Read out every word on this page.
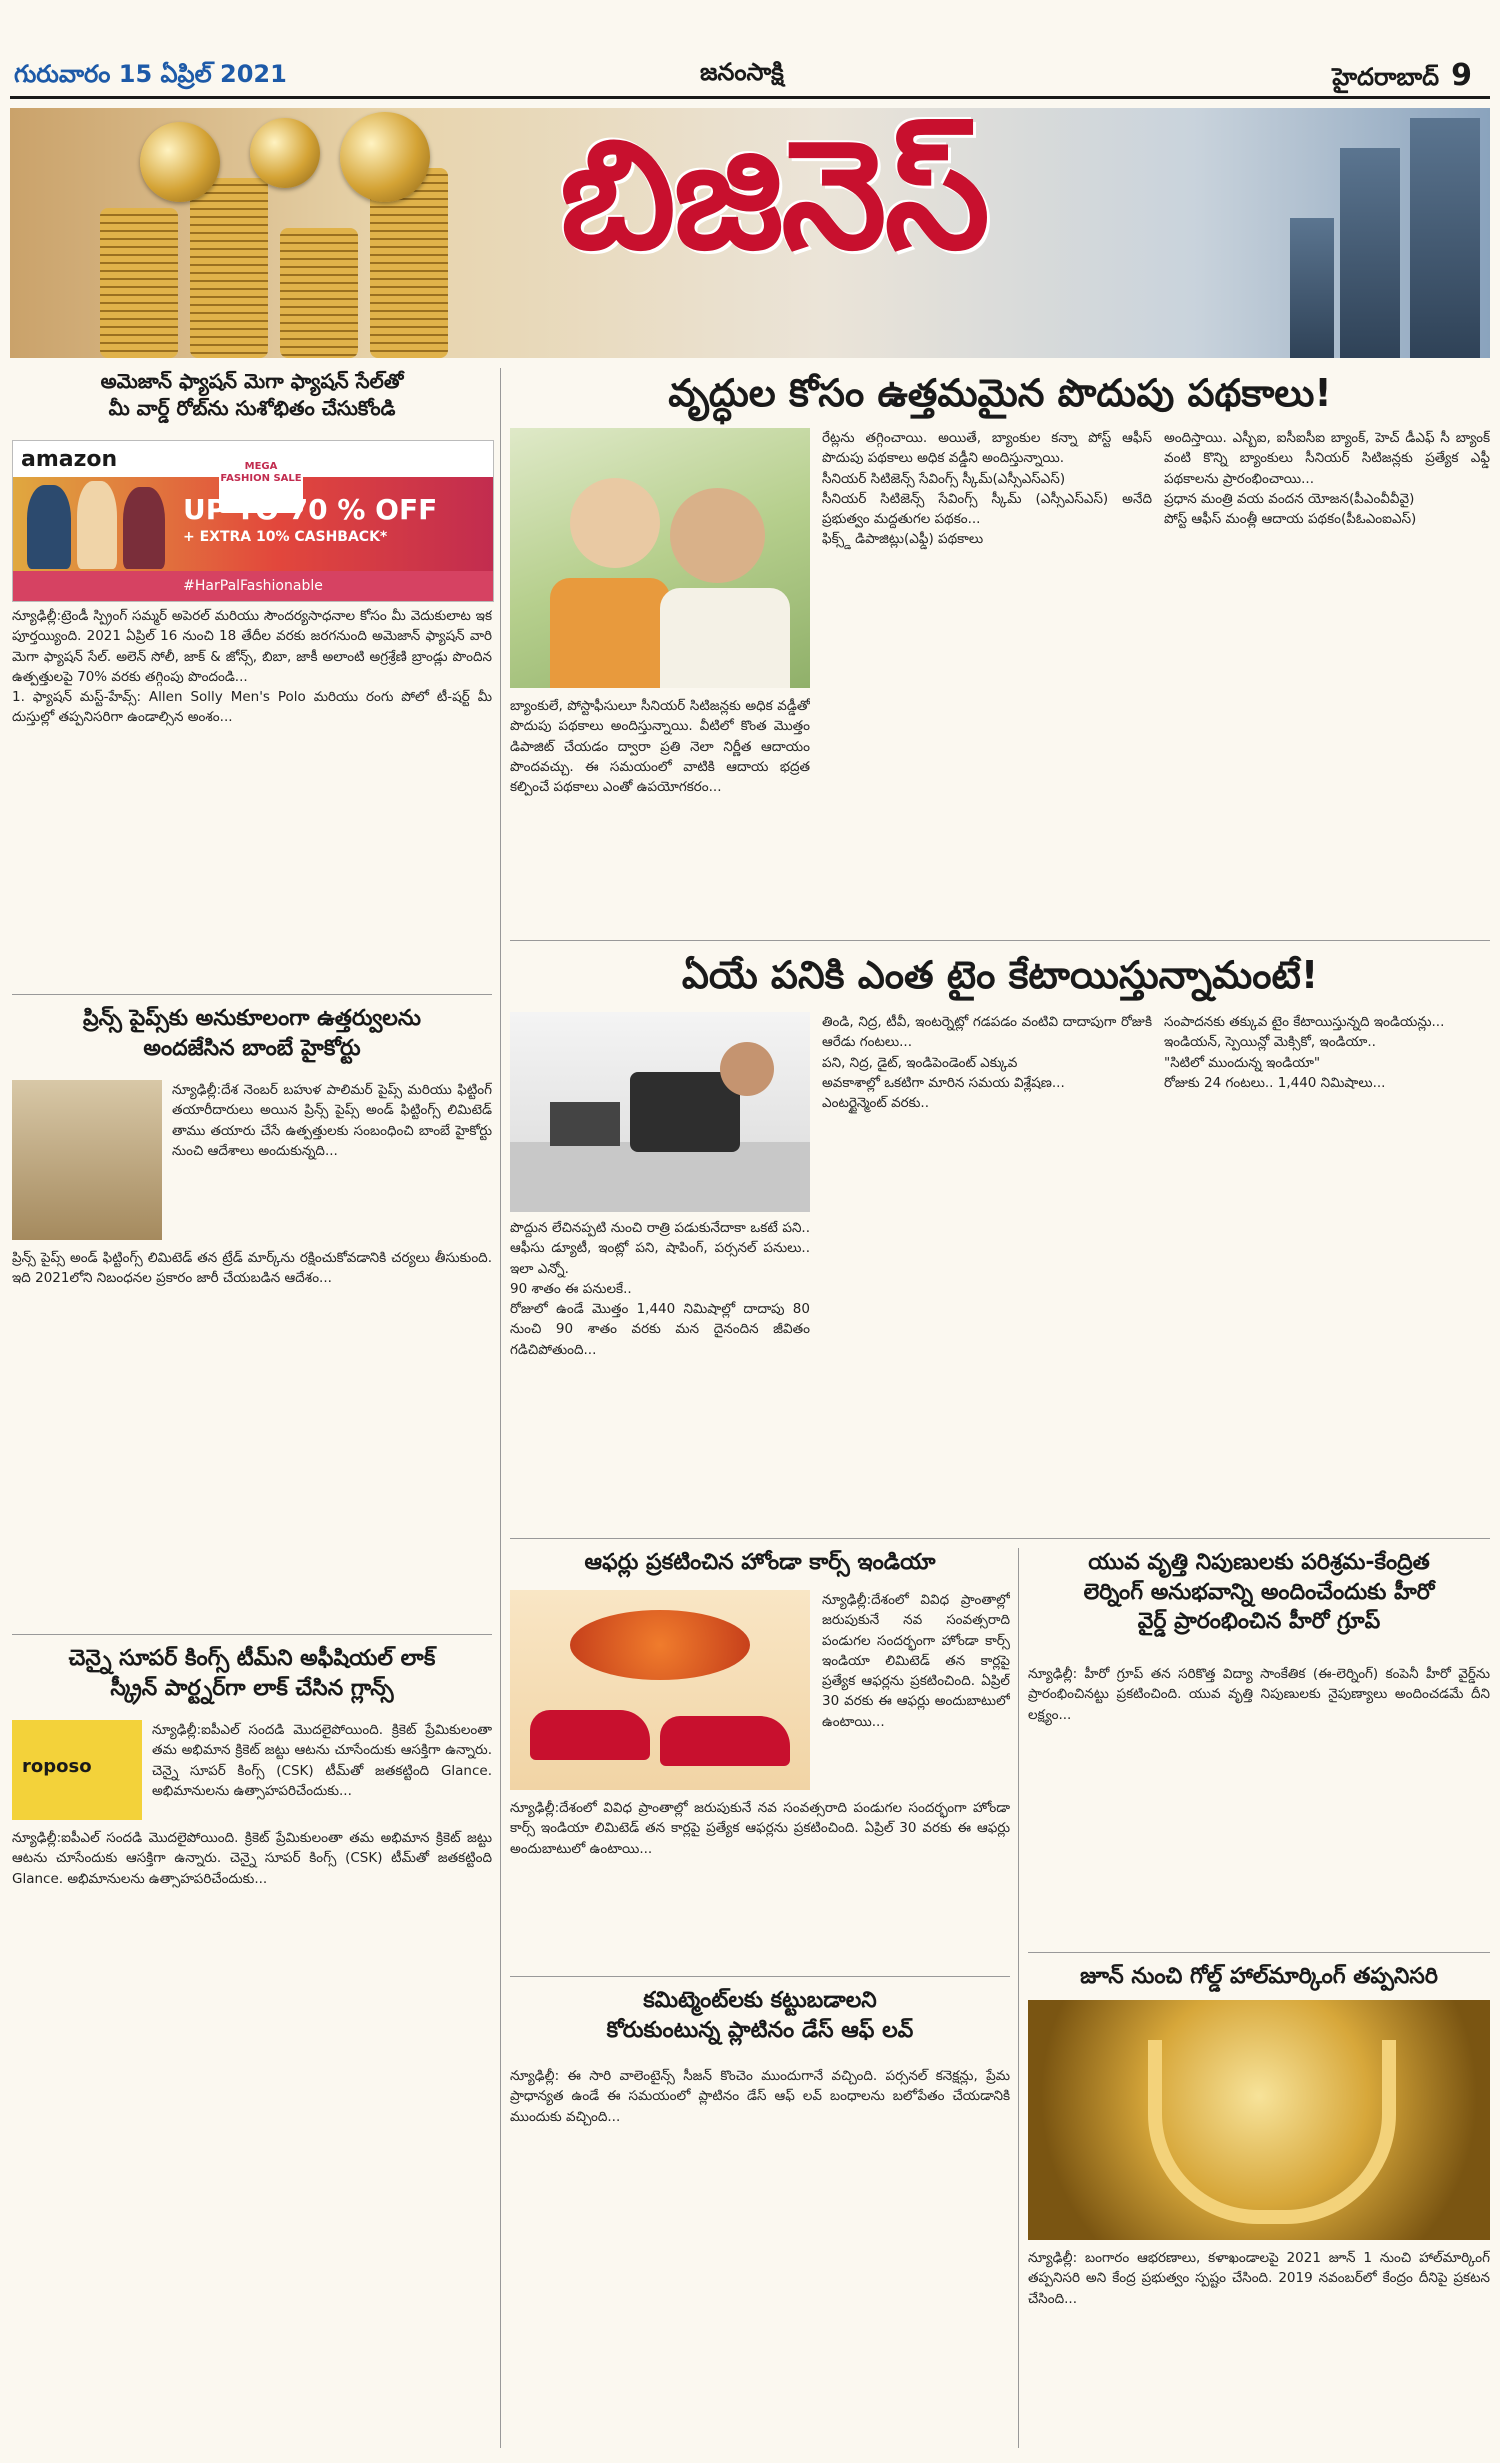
గురువారం 15 ఏప్రిల్ 2021	జనంసాక్షి	హైదరాబాద్ 9
బిజినెస్
అమెజాన్ ఫ్యాషన్ మెగా ఫ్యాషన్ సేల్‌తో
మీ వార్డ్ రోబ్‌ను సుశోభితం చేసుకోండి
amazon	MEGA FASHION SALE
UP TO 70 % OFF
+ EXTRA 10% CASHBACK*
#HarPalFashionable
న్యూఢిల్లీ:ట్రెండీ స్ప్రింగ్ సమ్మర్ అపెరల్ మరియు సౌందర్యసాధనాల కోసం మీ వెదుకులాట ఇక పూర్తయ్యింది. 2021 ఏప్రిల్ 16 నుంచి 18 తేదీల వరకు జరగనుంది అమెజాన్ ఫ్యాషన్ వారి మెగా ఫ్యాషన్ సేల్. అలెన్ సోలీ, జాక్ & జోన్స్, బిబా, జాకీ అలాంటి అగ్రశ్రేణి బ్రాండ్లు పొందిన ఉత్పత్తులపై 70% వరకు తగ్గింపు పొందండి...
1. ఫ్యాషన్ మస్ట్-హేవ్స్: Allen Solly Men's Polo మరియు రంగు పోలో టీ-షర్ట్ మీ దుస్తుల్లో తప్పనిసరిగా ఉండాల్సిన అంశం...
ప్రిన్స్ పైప్స్‌కు అనుకూలంగా ఉత్తర్వులను
అందజేసిన బాంబే హైకోర్టు
న్యూఢిల్లీ:దేశ నెంబర్ బహుళ పాలిమర్ పైప్స్ మరియు ఫిట్టింగ్ తయారీదారులు అయిన ప్రిన్స్ పైప్స్ అండ్ ఫిట్టింగ్స్ లిమిటెడ్ తాము తయారు చేసే ఉత్పత్తులకు సంబంధించి బాంబే హైకోర్టు నుంచి ఆదేశాలు అందుకున్నది...
ప్రిన్స్ పైప్స్ అండ్ ఫిట్టింగ్స్ లిమిటెడ్ తన ట్రేడ్ మార్క్‌ను రక్షించుకోవడానికి చర్యలు తీసుకుంది. ఇది 2021లోని నిబంధనల ప్రకారం జారీ చేయబడిన ఆదేశం...
చెన్నై సూపర్ కింగ్స్ టీమ్‌ని అఫీషియల్ లాక్
స్క్రీన్ పార్ట్నర్‌గా లాక్ చేసిన గ్లాన్స్
roposo
న్యూఢిల్లీ:ఐపీఎల్ సందడి మొదలైపోయింది. క్రికెట్ ప్రేమికులంతా తమ అభిమాన క్రికెట్ జట్టు ఆటను చూసేందుకు ఆసక్తిగా ఉన్నారు. చెన్నై సూపర్ కింగ్స్ (CSK) టీమ్‌తో జతకట్టింది Glance. అభిమానులను ఉత్సాహపరిచేందుకు...
న్యూఢిల్లీ:ఐపీఎల్ సందడి మొదలైపోయింది. క్రికెట్ ప్రేమికులంతా తమ అభిమాన క్రికెట్ జట్టు ఆటను చూసేందుకు ఆసక్తిగా ఉన్నారు. చెన్నై సూపర్ కింగ్స్ (CSK) టీమ్‌తో జతకట్టింది Glance. అభిమానులను ఉత్సాహపరిచేందుకు...
వృద్ధుల కోసం ఉత్తమమైన పొదుపు పథకాలు!
బ్యాంకులే, పోస్టాఫీసులూ సీనియర్ సిటిజన్లకు అధిక వడ్డీతో పొదుపు పథకాలు అందిస్తున్నాయి. వీటిలో కొంత మొత్తం డిపాజిట్ చేయడం ద్వారా ప్రతి నెలా నిర్ణీత ఆదాయం పొందవచ్చు. ఈ సమయంలో వాటికి ఆదాయ భద్రత కల్పించే పథకాలు ఎంతో ఉపయోగకరం...
రేట్లను తగ్గించాయి. అయితే, బ్యాంకుల కన్నా పోస్ట్ ఆఫీస్ పొదుపు పథకాలు అధిక వడ్డీని అందిస్తున్నాయి.
సీనియర్ సిటిజెన్స్ సేవింగ్స్ స్కీమ్(ఎస్సీఎస్ఎస్)
సీనియర్ సిటిజెన్స్ సేవింగ్స్ స్కీమ్ (ఎస్సీఎస్ఎస్) అనేది ప్రభుత్వం మద్దతుగల పథకం...
ఫిక్స్డ్ డిపాజిట్లు(ఎఫ్డీ) పథకాలు
అందిస్తాయి. ఎస్బీఐ, ఐసీఐసీఐ బ్యాంక్, హెచ్ డీఎఫ్ సీ బ్యాంక్ వంటి కొన్ని బ్యాంకులు సీనియర్ సిటిజన్లకు ప్రత్యేక ఎఫ్డీ పథకాలను ప్రారంభించాయి...
ప్రధాన మంత్రి వయ వందన యోజన(పీఎంవీవీవై)
పోస్ట్ ఆఫీస్ మంత్లీ ఆదాయ పథకం(పీఓఎంఐఎస్)
ఏయే పనికి ఎంత టైం కేటాయిస్తున్నామంటే!
పొద్దున లేచినప్పటి నుంచి రాత్రి పడుకునేదాకా ఒకటే పని.. ఆఫీసు డ్యూటీ, ఇంట్లో పని, షాపింగ్, పర్సనల్ పనులు.. ఇలా ఎన్నో.
90 శాతం ఈ పనులకే..
రోజులో ఉండే మొత్తం 1,440 నిమిషాల్లో దాదాపు 80 నుంచి 90 శాతం వరకు మన దైనందిన జీవితం గడిచిపోతుంది...
తిండి, నిద్ర, టీవీ, ఇంటర్నెట్లో గడపడం వంటివి దాదాపుగా రోజుకి ఆరేడు గంటలు...
పని, నిద్ర, డైట్, ఇండిపెండెంట్ ఎక్కువ
అవకాశాల్లో ఒకటిగా మారిన సమయ విశ్లేషణ...
ఎంటర్టైన్మెంట్ వరకు..
సంపాదనకు తక్కువ టైం కేటాయిస్తున్నది ఇండియన్లు...
ఇండియన్, స్పెయిన్లో మెక్సికో, ఇండియా..
"సిటిలో ముందున్న ఇండియా"
రోజుకు 24 గంటలు.. 1,440 నిమిషాలు...
ఆఫర్లు ప్రకటించిన హోండా కార్స్ ఇండియా
న్యూఢిల్లీ:దేశంలో వివిధ ప్రాంతాల్లో జరుపుకునే నవ సంవత్సరాది పండుగల సందర్భంగా హోండా కార్స్ ఇండియా లిమిటెడ్ తన కార్లపై ప్రత్యేక ఆఫర్లను ప్రకటించింది. ఏప్రిల్ 30 వరకు ఈ ఆఫర్లు అందుబాటులో ఉంటాయి...
న్యూఢిల్లీ:దేశంలో వివిధ ప్రాంతాల్లో జరుపుకునే నవ సంవత్సరాది పండుగల సందర్భంగా హోండా కార్స్ ఇండియా లిమిటెడ్ తన కార్లపై ప్రత్యేక ఆఫర్లను ప్రకటించింది. ఏప్రిల్ 30 వరకు ఈ ఆఫర్లు అందుబాటులో ఉంటాయి...
కమిట్మెంట్‌లకు కట్టుబడాలని
కోరుకుంటున్న ప్లాటినం డేస్ ఆఫ్ లవ్
న్యూఢిల్లీ: ఈ సారి వాలెంటైన్స్ సీజన్ కొంచెం ముందుగానే వచ్చింది. పర్సనల్ కనెక్షన్లు, ప్రేమ ప్రాధాన్యత ఉండే ఈ సమయంలో ప్లాటినం డేస్ ఆఫ్ లవ్ బంధాలను బలోపేతం చేయడానికి ముందుకు వచ్చింది...
యువ వృత్తి నిపుణులకు పరిశ్రమ-కేంద్రిత
లెర్నింగ్ అనుభవాన్ని అందించేందుకు హీరో
వైర్డ్ ప్రారంభించిన హీరో గ్రూప్
న్యూఢిల్లీ: హీరో గ్రూప్ తన సరికొత్త విద్యా సాంకేతిక (ఈ-లెర్నింగ్) కంపెనీ హీరో వైర్డ్‌ను ప్రారంభించినట్టు ప్రకటించింది. యువ వృత్తి నిపుణులకు నైపుణ్యాలు అందించడమే దీని లక్ష్యం...
జూన్ నుంచి గోల్డ్ హాల్‌మార్కింగ్ తప్పనిసరి
న్యూఢిల్లీ: బంగారం ఆభరణాలు, కళాఖండాలపై 2021 జూన్ 1 నుంచి హాల్‌మార్కింగ్ తప్పనిసరి అని కేంద్ర ప్రభుత్వం స్పష్టం చేసింది. 2019 నవంబర్‌లో కేంద్రం దీనిపై ప్రకటన చేసింది...
